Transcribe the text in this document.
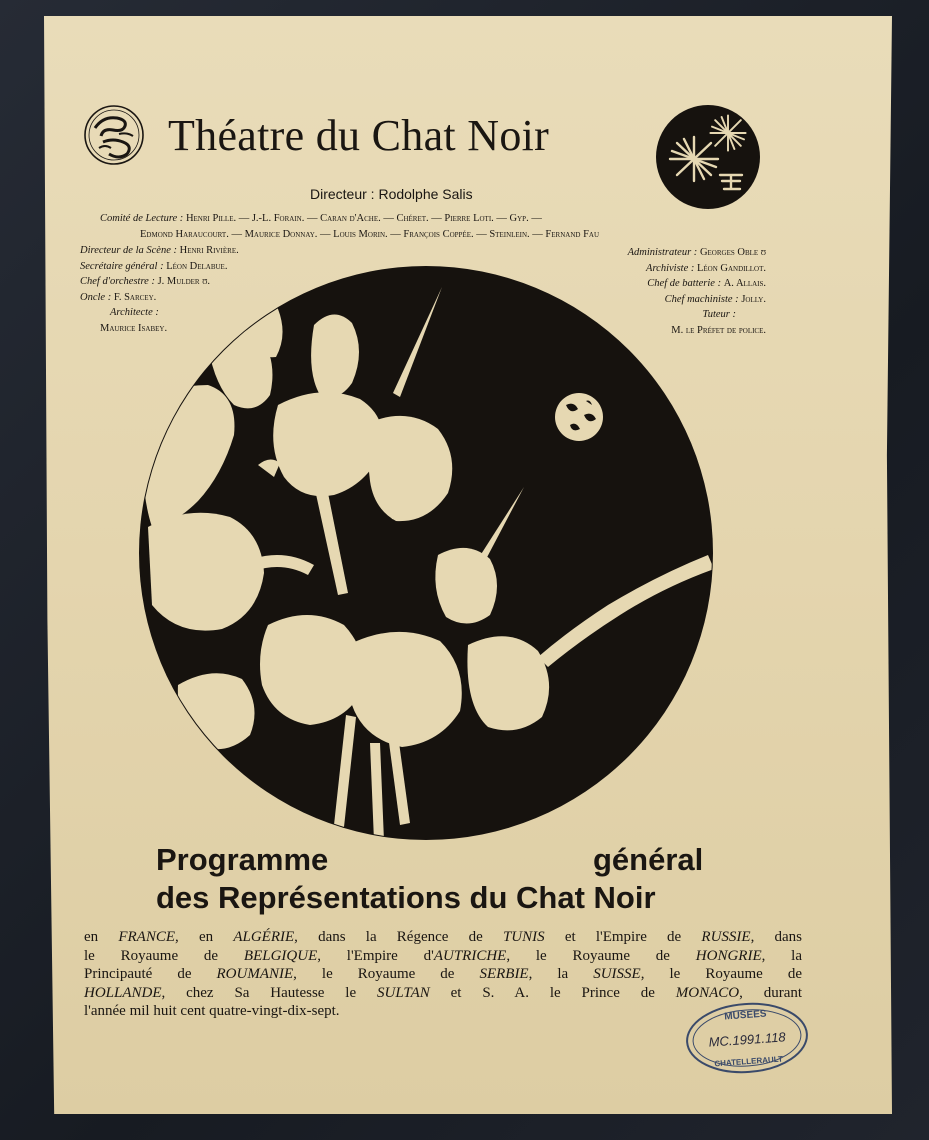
Théatre du Chat Noir
Directeur : Rodolphe Salis
Comité de Lecture : Henri Pille. — J.-L. Forain. — Caran d'Ache. — Chéret. — Pierre Loti. — Gyp. —
Edmond Haraucourt. — Maurice Donnay. — Louis Morin. — François Coppée. — Steinlein. — Fernand Fau
Directeur de la Scène : Henri Rivière.
Secrétaire général : Léon Delabue.
Chef d'orchestre : J. Mulder ʊ.
Oncle : F. Sarcey.
Architecte :
Maurice Isabey.
Administrateur : Georges Oble ʊ
Archiviste : Léon Gandillot.
Chef de batterie : A. Allais.
Chef machiniste : Jolly.
Tuteur :
M. le Préfet de police.
Programme	général
des Représentations du Chat Noir
en FRANCE, en ALGÉRIE, dans la Régence de TUNIS et l'Empire de RUSSIE, dans
le Royaume de BELGIQUE, l'Empire d'AUTRICHE, le Royaume de HONGRIE, la
Principauté de ROUMANIE, le Royaume de SERBIE, la SUISSE, le Royaume de
HOLLANDE, chez Sa Hautesse le SULTAN et S. A. le Prince de MONACO, durant
l'année mil huit cent quatre-vingt-dix-sept.	MUSEES
MC.1991.118
CHATELLERAULT
